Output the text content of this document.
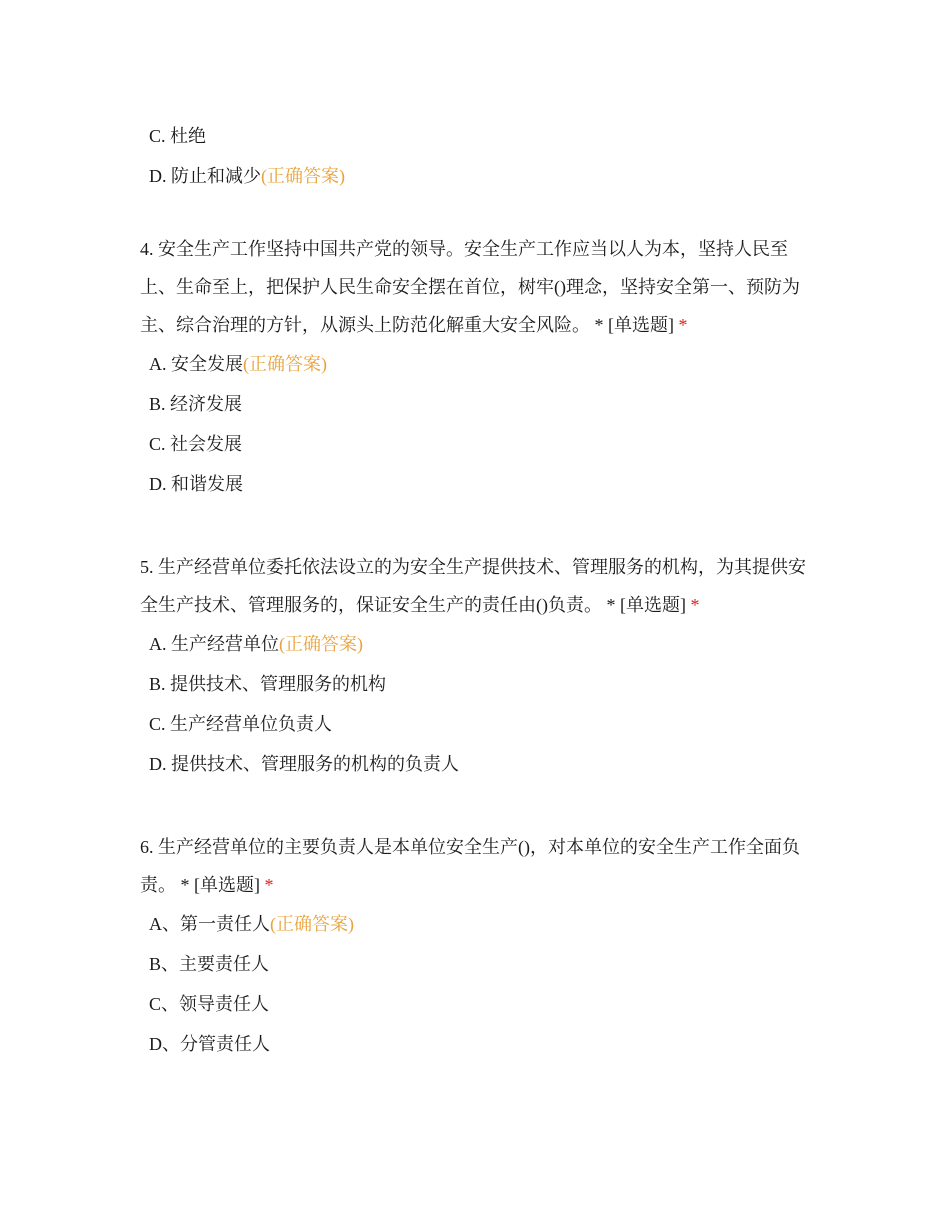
C. 杜绝
D. 防止和减少(正确答案)
4. 安全生产工作坚持中国共产党的领导。安全生产工作应当以人为本，坚持人民至上、生命至上，把保护人民生命安全摆在首位，树牢()理念，坚持安全第一、预防为主、综合治理的方针，从源头上防范化解重大安全风险。 * [单选题] *
A. 安全发展(正确答案)
B. 经济发展
C. 社会发展
D. 和谐发展
5. 生产经营单位委托依法设立的为安全生产提供技术、管理服务的机构，为其提供安全生产技术、管理服务的，保证安全生产的责任由()负责。 * [单选题] *
A. 生产经营单位(正确答案)
B. 提供技术、管理服务的机构
C. 生产经营单位负责人
D. 提供技术、管理服务的机构的负责人
6. 生产经营单位的主要负责人是本单位安全生产()，对本单位的安全生产工作全面负责。 * [单选题] *
A、第一责任人(正确答案)
B、主要责任人
C、领导责任人
D、分管责任人
